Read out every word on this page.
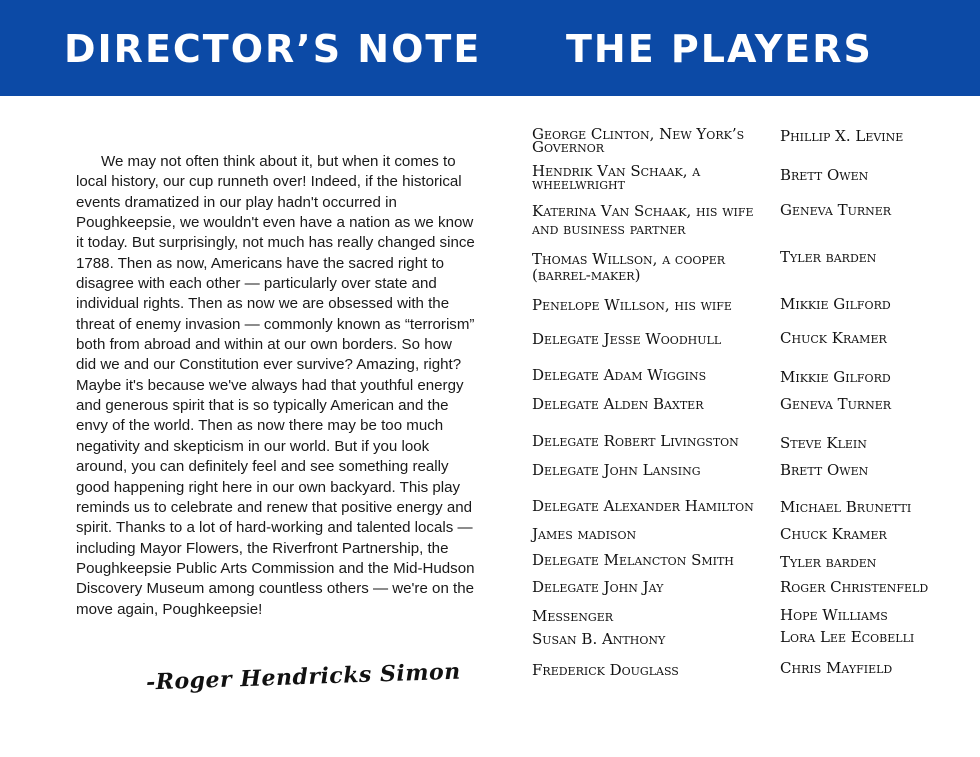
DIRECTOR’S NOTE THE PLAYERS

We may not often think about it, but when it comes to local history, our cup runneth over! Indeed, if the historical events dramatized in our play hadn't occurred in Poughkeepsie, we wouldn't even have a nation as we know it today. But surprisingly, not much has really changed since 1788. Then as now, Americans have the sacred right to disagree with each other — particularly over state and individual rights. Then as now we are obsessed with the threat of enemy invasion — commonly known as “terrorism” both from abroad and within at our own borders. So how did we and our Constitution ever survive? Amazing, right? Maybe it's because we've always had that youthful energy and generous spirit that is so typically American and the envy of the world. Then as now there may be too much negativity and skepticism in our world. But if you look around, you can definitely feel and see something really good happening right here in our own backyard. This play reminds us to celebrate and renew that positive energy and spirit. Thanks to a lot of hard-working and talented locals — including Mayor Flowers, the Riverfront Partnership, the Poughkeepsie Public Arts Commission and the Mid-Hudson Discovery Museum among countless others — we're on the move again, Poughkeepsie!

-Roger Hendricks Simon
George Clinton, New York’s
Governor
Hendrik Van Schaak, a
wheelwright
Katerina Van Schaak, his wife
and business partner
Thomas Willson, a cooper
(barrel-maker)
Penelope Willson, his wife
Delegate Jesse Woodhull
Delegate Adam Wiggins
Delegate Alden Baxter
Delegate Robert Livingston
Delegate John Lansing
Delegate Alexander Hamilton
James madison
Delegate Melancton Smith
Delegate John Jay
Messenger
Susan B. Anthony
Frederick Douglass
Phillip X. Levine
Brett Owen
Geneva Turner
Tyler barden
Mikkie Gilford
Chuck Kramer
Mikkie Gilford
Geneva Turner
Steve Klein
Brett Owen
Michael Brunetti
Chuck Kramer
Tyler barden
Roger Christenfeld
Hope Williams
Lora Lee Ecobelli
Chris Mayfield
